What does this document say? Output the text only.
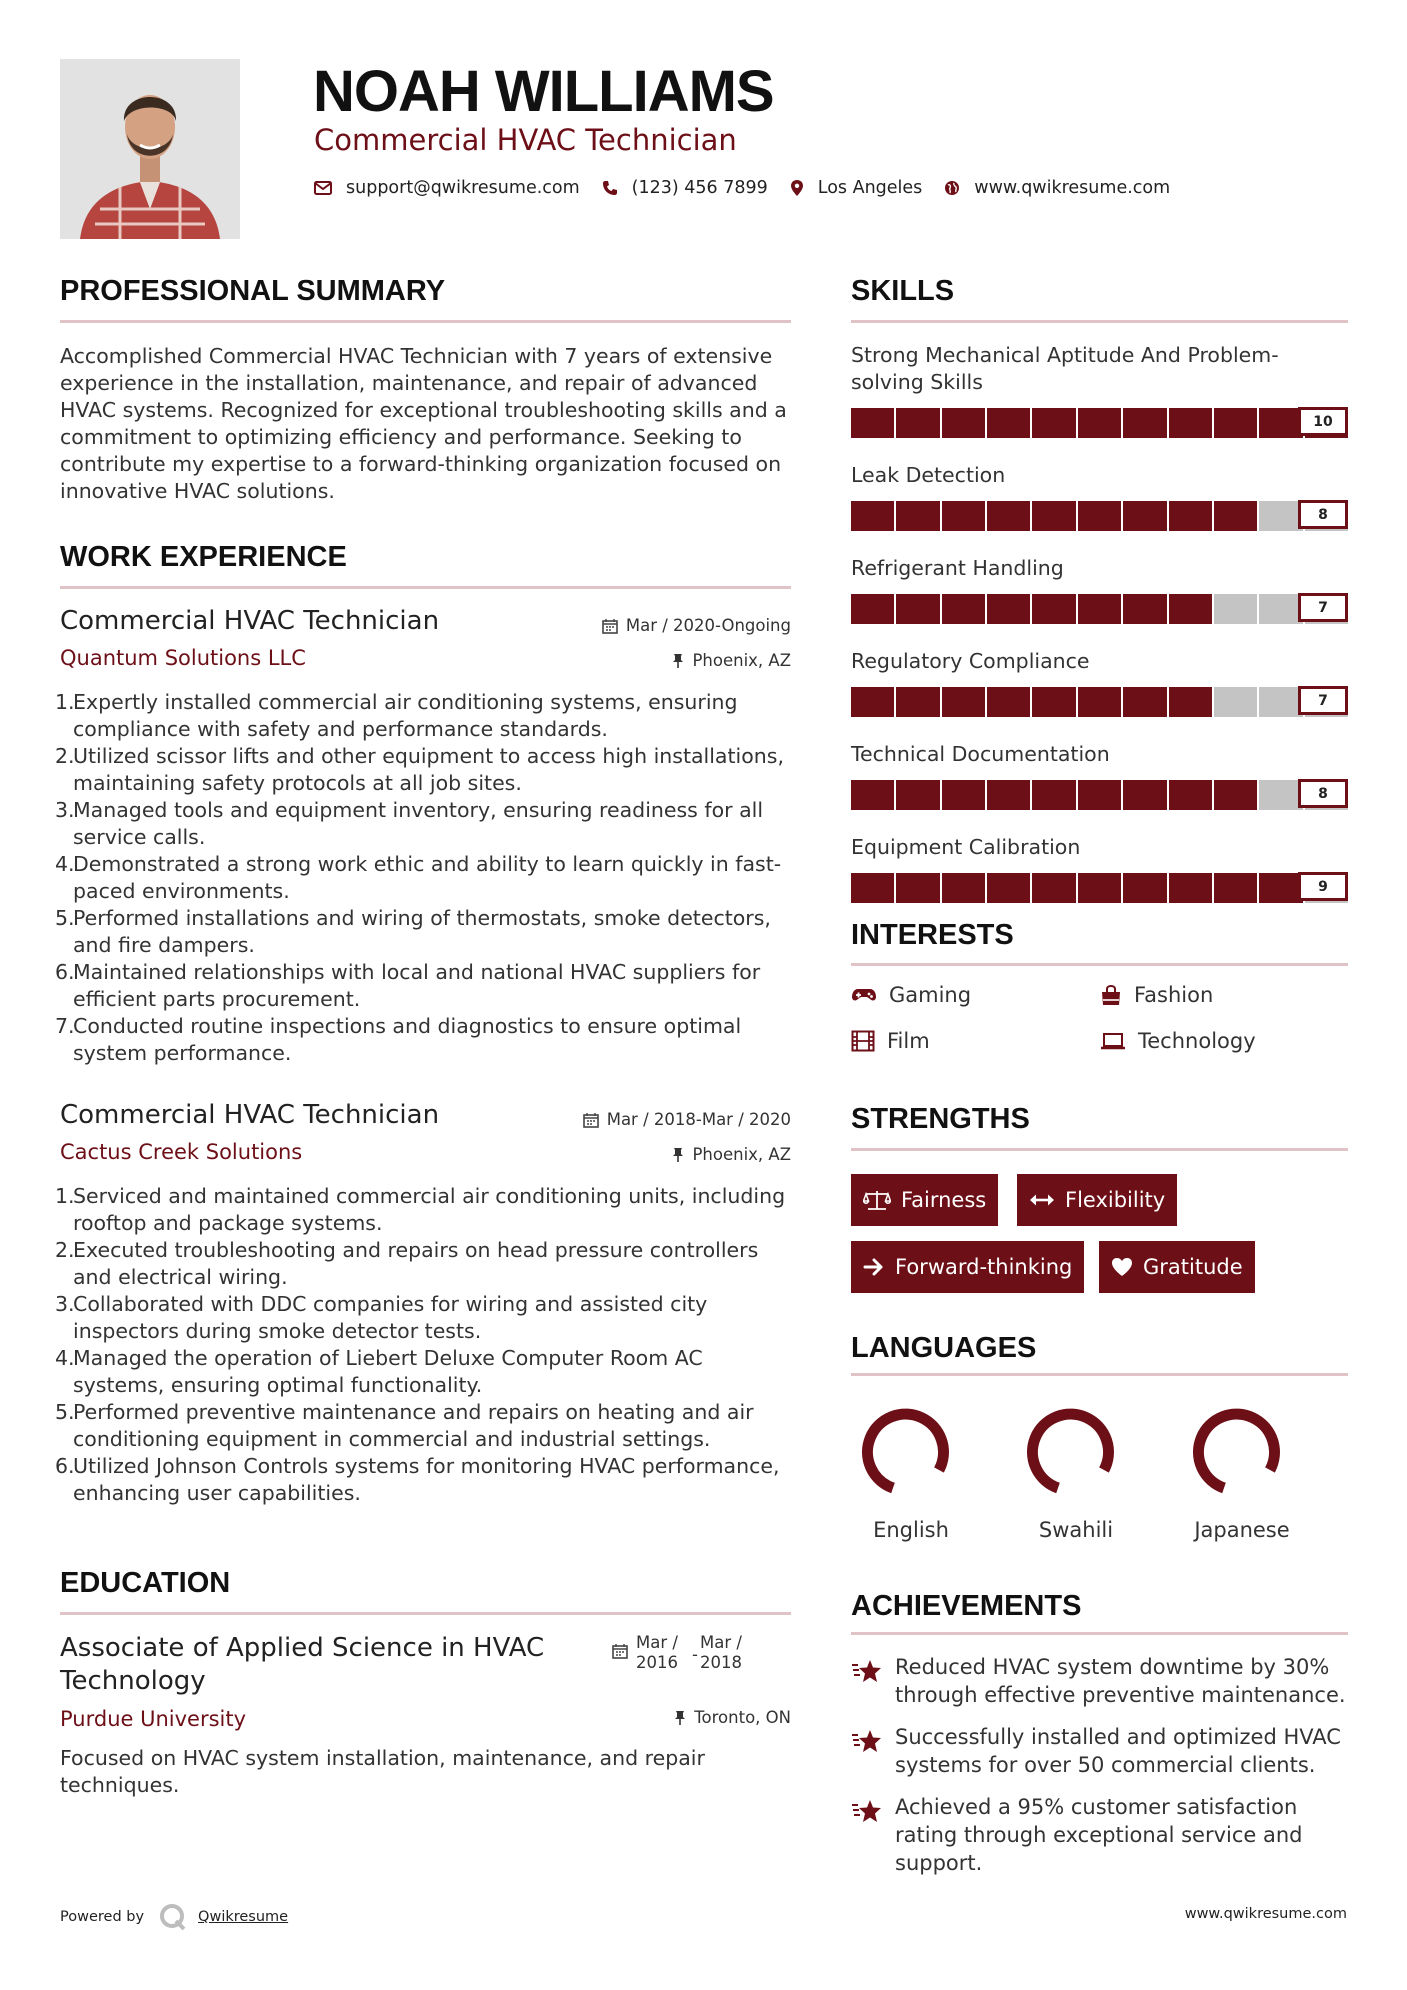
NOAH WILLIAMS
Commercial HVAC Technician
support@qwikresume.com	(123) 456 7899	Los Angeles	www.qwikresume.com
PROFESSIONAL SUMMARY
Accomplished Commercial HVAC Technician with 7 years of extensive experience in the installation, maintenance, and repair of advanced HVAC systems. Recognized for exceptional troubleshooting skills and a commitment to optimizing efficiency and performance. Seeking to contribute my expertise to a forward-thinking organization focused on innovative HVAC solutions.
WORK EXPERIENCE
Commercial HVAC Technician	Mar / 2020-Ongoing
Quantum Solutions LLC	Phoenix, AZ
1.
Expertly installed commercial air conditioning systems, ensuring compliance with safety and performance standards.
2.
Utilized scissor lifts and other equipment to access high installations, maintaining safety protocols at all job sites.
3.
Managed tools and equipment inventory, ensuring readiness for all service calls.
4.
Demonstrated a strong work ethic and ability to learn quickly in fast-paced environments.
5.
Performed installations and wiring of thermostats, smoke detectors, and fire dampers.
6.
Maintained relationships with local and national HVAC suppliers for efficient parts procurement.
7.
Conducted routine inspections and diagnostics to ensure optimal system performance.
Commercial HVAC Technician	Mar / 2018-Mar / 2020
Cactus Creek Solutions	Phoenix, AZ
1.
Serviced and maintained commercial air conditioning units, including rooftop and package systems.
2.
Executed troubleshooting and repairs on head pressure controllers and electrical wiring.
3.
Collaborated with DDC companies for wiring and assisted city inspectors during smoke detector tests.
4.
Managed the operation of Liebert Deluxe Computer Room AC systems, ensuring optimal functionality.
5.
Performed preventive maintenance and repairs on heating and air conditioning equipment in commercial and industrial settings.
6.
Utilized Johnson Controls systems for monitoring HVAC performance, enhancing user capabilities.
EDUCATION
Associate of Applied Science in HVAC Technology
Mar / 2016 -
Mar / 2018
Purdue University	Toronto, ON
Focused on HVAC system installation, maintenance, and repair techniques.
SKILLS
Strong Mechanical Aptitude And Problem-solving Skills
10
Leak Detection
8
Refrigerant Handling
7
Regulatory Compliance
7
Technical Documentation
8
Equipment Calibration
9
INTERESTS
Gaming	Fashion
Film	Technology
STRENGTHS
Fairness	Flexibility
Forward-thinking	Gratitude
LANGUAGES
English	Swahili	Japanese
ACHIEVEMENTS
Reduced HVAC system downtime by 30% through effective preventive maintenance.
Successfully installed and optimized HVAC systems for over 50 commercial clients.
Achieved a 95% customer satisfaction rating through exceptional service and support.
Powered by	Qwikresume	www.qwikresume.com
